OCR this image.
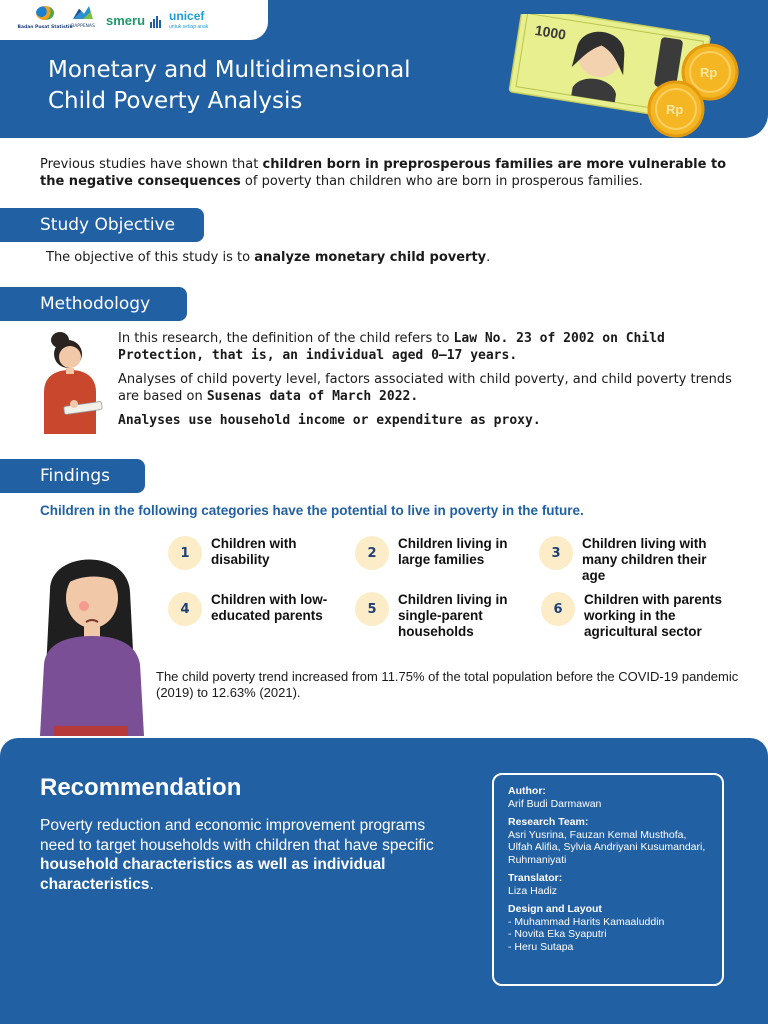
Badan Pusat Statistik
BAPPENAS smeru unicef
untuk setiap anak
Monetary and Multidimensional
Child Poverty Analysis
1000
Rp
Rp

Previous studies have shown that children born in preprosperous families are more vulnerable to the negative consequences of poverty than children who are born in prosperous families.

Study Objective

The objective of this study is to analyze monetary child poverty.

Methodology

In this research, the definition of the child refers to Law No. 23 of 2002 on Child Protection, that is, an individual aged 0–17 years.

Analyses of child poverty level, factors associated with child poverty, and child poverty trends are based on Susenas data of March 2022.

Analyses use household income or expenditure as proxy.

Findings
Children in the following categories have the potential to live in poverty in the future.
1
Children with disability	2
Children living in large families	3
Children living with many children their age
4
Children with low-educated parents	5
Children living in single-parent households
6
Children with parents working in the agricultural sector

The child poverty trend increased from 11.75% of the total population before the COVID-19 pandemic (2019) to 12.63% (2021).

Recommendation

Poverty reduction and economic improvement programs need to target households with children that have specific household characteristics as well as individual characteristics.

Author:
Arif Budi Darmawan
Research Team:
Asri Yusrina, Fauzan Kemal Musthofa, Ulfah Alifia, Sylvia Andriyani Kusumandari, Ruhmaniyati
Translator:
Liza Hadiz
Design and Layout
- Muhammad Harits Kamaaluddin
- Novita Eka Syaputri
- Heru Sutapa
